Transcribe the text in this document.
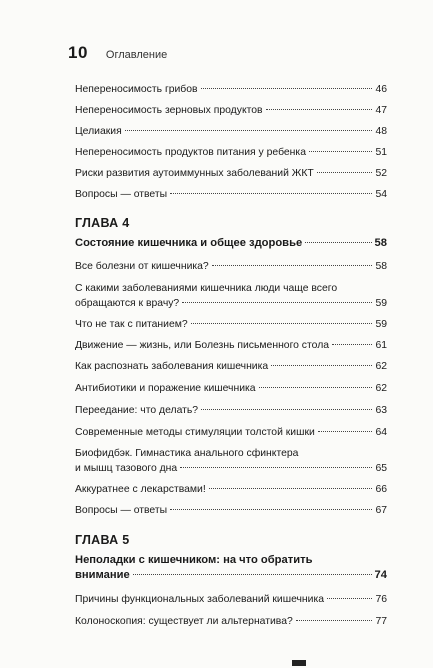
10 Оглавление
Непереносимость грибов	46
Непереносимость зерновых продуктов	47
Целиакия	48
Непереносимость продуктов питания у ребенка	51
Риски развития аутоиммунных заболеваний ЖКТ	52
Вопросы — ответы	54
ГЛАВА 4
Состояние кишечника и общее здоровье	58
Все болезни от кишечника?	58
С какими заболеваниями кишечника люди чаще всего
обращаются к врачу?	59
Что не так с питанием?	59
Движение — жизнь, или Болезнь письменного стола	61
Как распознать заболевания кишечника	62
Антибиотики и поражение кишечника	62
Переедание: что делать?	63
Современные методы стимуляции толстой кишки	64
Биофидбэк. Гимнастика анального сфинктера
и мышц тазового дна	65
Аккуратнее с лекарствами!	66
Вопросы — ответы	67
ГЛАВА 5
Неполадки с кишечником: на что обратить
внимание	74
Причины функциональных заболеваний кишечника	76
Колоноскопия: существует ли альтернатива?	77
